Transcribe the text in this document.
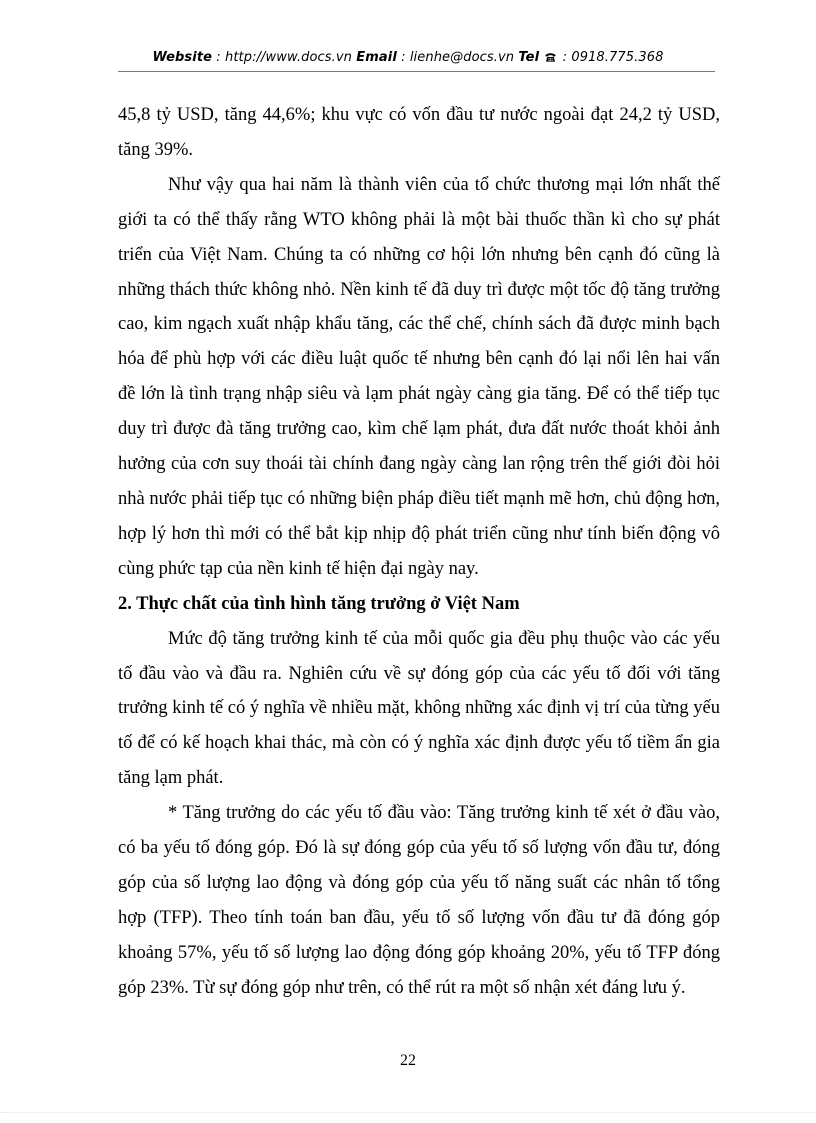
Website : http://www.docs.vn Email : lienhe@docs.vn Tel : 0918.775.368

45,8 tỷ USD, tăng 44,6%; khu vực có vốn đầu tư nước ngoài đạt 24,2 tỷ USD, tăng 39%.

Như vậy qua hai năm là thành viên của tổ chức thương mại lớn nhất thế giới ta có thể thấy rằng WTO không phải là một bài thuốc thần kì cho sự phát triển của Việt Nam. Chúng ta có những cơ hội lớn nhưng bên cạnh đó cũng là những thách thức không nhỏ. Nền kinh tế đã duy trì được một tốc độ tăng trưởng cao, kim ngạch xuất nhập khẩu tăng, các thể chế, chính sách đã được minh bạch hóa để phù hợp với các điều luật quốc tế nhưng bên cạnh đó lại nổi lên hai vấn đề lớn là tình trạng nhập siêu và lạm phát ngày càng gia tăng. Để có thể tiếp tục duy trì được đà tăng trưởng cao, kìm chế lạm phát, đưa đất nước thoát khỏi ảnh hưởng của cơn suy thoái tài chính đang ngày càng lan rộng trên thế giới đòi hỏi nhà nước phải tiếp tục có những biện pháp điều tiết mạnh mẽ hơn, chủ động hơn, hợp lý hơn thì mới có thể bắt kịp nhịp độ phát triển cũng như tính biến động vô cùng phức tạp của nền kinh tế hiện đại ngày nay.

2. Thực chất của tình hình tăng trưởng ở Việt Nam

Mức độ tăng trưởng kinh tế của mỗi quốc gia đều phụ thuộc vào các yếu tố đầu vào và đầu ra. Nghiên cứu về sự đóng góp của các yếu tố đối với tăng trưởng kinh tế có ý nghĩa về nhiều mặt, không những xác định vị trí của từng yếu tố để có kế hoạch khai thác, mà còn có ý nghĩa xác định được yếu tố tiềm ẩn gia tăng lạm phát.

* Tăng trưởng do các yếu tố đầu vào: Tăng trưởng kinh tế xét ở đầu vào, có ba yếu tố đóng góp. Đó là sự đóng góp của yếu tố số lượng vốn đầu tư, đóng góp của số lượng lao động và đóng góp của yếu tố năng suất các nhân tố tổng hợp (TFP). Theo tính toán ban đầu, yếu tố số lượng vốn đầu tư đã đóng góp khoảng 57%, yếu tố số lượng lao động đóng góp khoảng 20%, yếu tố TFP đóng góp 23%. Từ sự đóng góp như trên, có thể rút ra một số nhận xét đáng lưu ý.

22
